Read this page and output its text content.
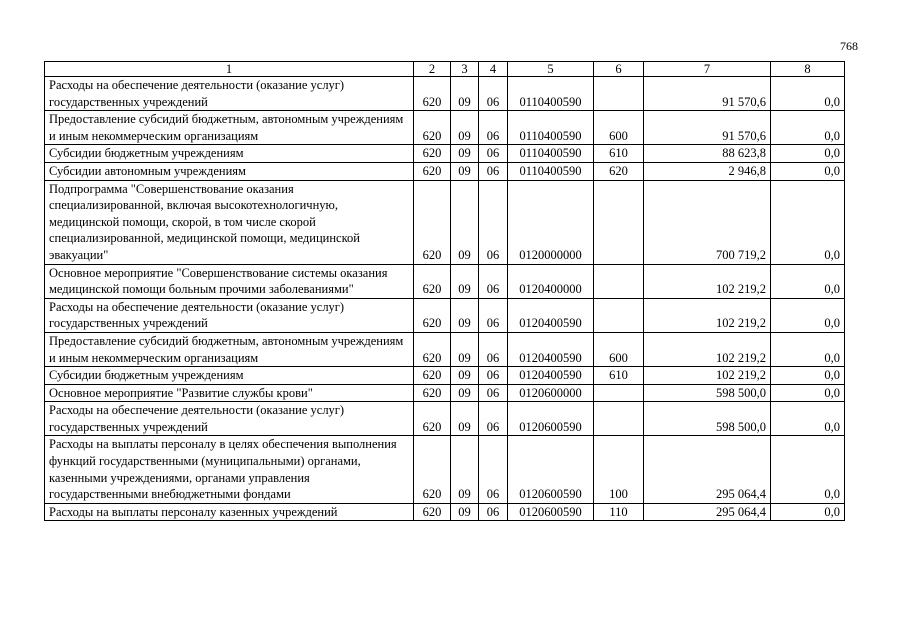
768
1	2	3	4	5	6	7	8
Расходы на обеспечение деятельности (оказание услуг) государственных учреждений	620	09	06	0110400590		91 570,6	0,0
Предоставление субсидий бюджетным, автономным учреждениям и иным некоммерческим организациям	620	09	06	0110400590	600	91 570,6	0,0
Субсидии бюджетным учреждениям	620	09	06	0110400590	610	88 623,8	0,0
Субсидии автономным учреждениям	620	09	06	0110400590	620	2 946,8	0,0
Подпрограмма "Совершенствование оказания специализированной, включая высокотехнологичную, медицинской помощи, скорой, в том числе скорой специализированной, медицинской помощи, медицинской эвакуации"	620	09	06	0120000000		700 719,2	0,0
Основное мероприятие "Совершенствование системы оказания медицинской помощи больным прочими заболеваниями"	620	09	06	0120400000		102 219,2	0,0
Расходы на обеспечение деятельности (оказание услуг) государственных учреждений	620	09	06	0120400590		102 219,2	0,0
Предоставление субсидий бюджетным, автономным учреждениям и иным некоммерческим организациям	620	09	06	0120400590	600	102 219,2	0,0
Субсидии бюджетным учреждениям	620	09	06	0120400590	610	102 219,2	0,0
Основное мероприятие "Развитие службы крови"	620	09	06	0120600000		598 500,0	0,0
Расходы на обеспечение деятельности (оказание услуг) государственных учреждений	620	09	06	0120600590		598 500,0	0,0
Расходы на выплаты персоналу в целях обеспечения выполнения функций государственными (муниципальными) органами, казенными учреждениями, органами управления государственными внебюджетными фондами	620	09	06	0120600590	100	295 064,4	0,0
Расходы на выплаты персоналу казенных учреждений	620	09	06	0120600590	110	295 064,4	0,0
